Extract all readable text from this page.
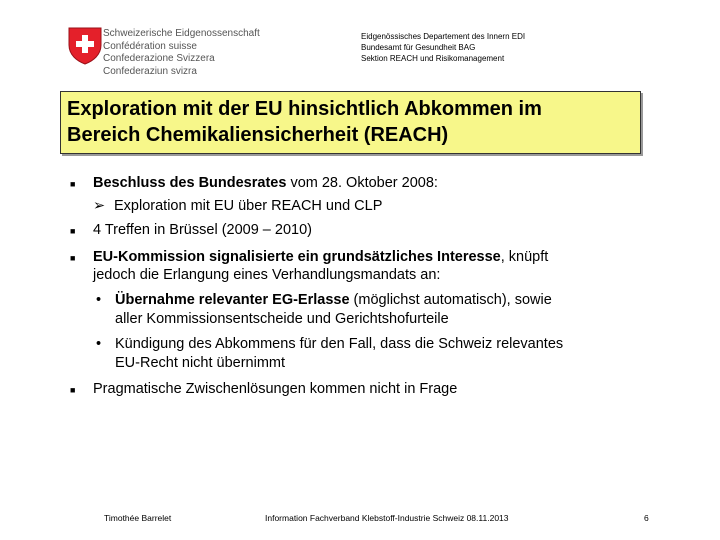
Schweizerische Eidgenossenschaft
Confédération suisse
Confederazione Svizzera
Confederaziun svizra
Eidgenössisches Departement des Innern EDI
Bundesamt für Gesundheit BAG
Sektion REACH und Risikomanagement
Exploration mit der EU hinsichtlich Abkommen im
Bereich Chemikaliensicherheit (REACH)
■ Beschluss des Bundesrates vom 28. Oktober 2008:
➢ Exploration mit EU über REACH und CLP
■ 4 Treffen in Brüssel (2009 – 2010)
■ EU-Kommission signalisierte ein grundsätzliches Interesse, knüpft
jedoch die Erlangung eines Verhandlungsmandats an:
• Übernahme relevanter EG-Erlasse (möglichst automatisch), sowie
aller Kommissionsentscheide und Gerichtshofurteile
• Kündigung des Abkommens für den Fall, dass die Schweiz relevantes
EU-Recht nicht übernimmt
■ Pragmatische Zwischenlösungen kommen nicht in Frage
Timothée Barrelet	Information Fachverband Klebstoff-Industrie Schweiz 08.11.2013	6
